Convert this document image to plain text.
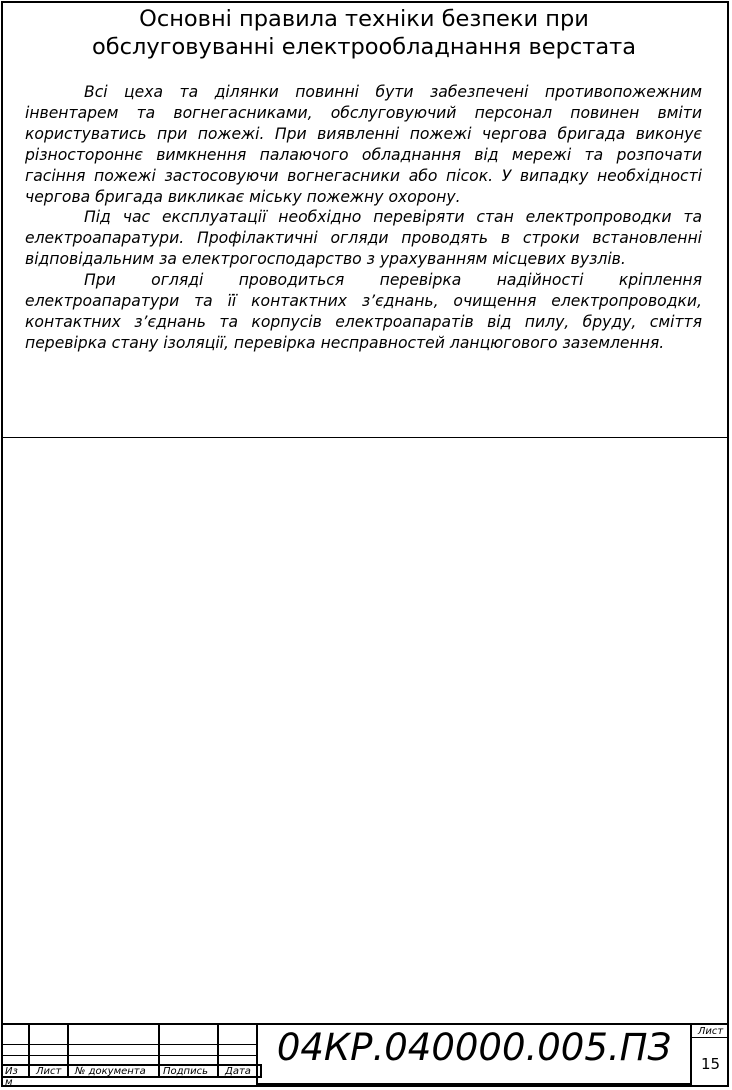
Основні правила техніки безпеки при
обслуговуванні електрообладнання верстата

Всі цеха та ділянки повинні бути забезпечені противопожежним інвентарем та вогнегасниками, обслуговуючий персонал повинен вміти користуватись при пожежі. При виявленні пожежі чергова бригада виконує різностороннє вимкнення палаючого обладнання від мережі та розпочати гасіння пожежі застосовуючи вогнегасники або пісок. У випадку необхідності чергова бригада викликає міську пожежну охорону.

Під час експлуатації необхідно перевіряти стан електропроводки та електроапаратури. Профілактичні огляди проводять в строки встановленні відповідальним за електрогосподарство з урахуванням місцевих вузлів.

При огляді проводиться перевірка надійності кріплення електроапаратури та її контактних з’єднань, очищення електропроводки, контактних з’єднань та корпусів електроапаратів від пилу, бруду, сміття перевірка стану ізоляції, перевірка несправностей ланцюгового заземлення.

Из м
Лист № документа Подпись Дата
04КР.040000.005.ПЗ	Лист
15
